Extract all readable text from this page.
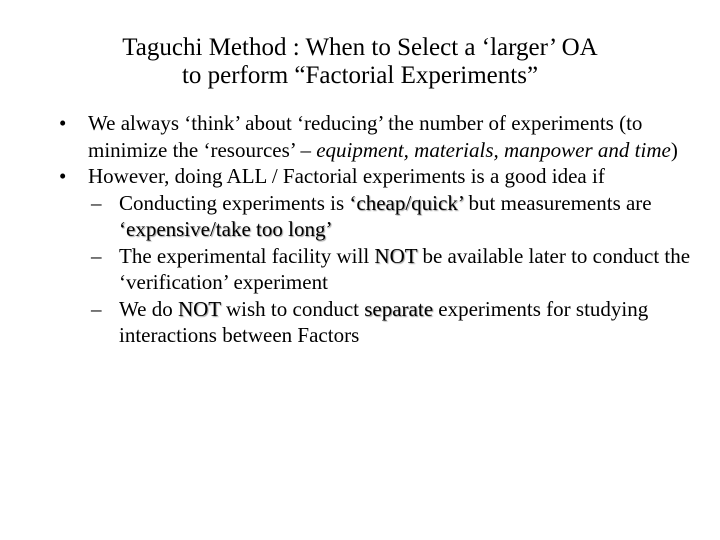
Taguchi Method : When to Select a ‘larger’ OA
to perform “Factorial Experiments”
• We always ‘think’ about ‘reducing’ the number of experiments (to minimize the ‘resources’ – equipment, materials, manpower and time)
• However, doing ALL / Factorial experiments is a good idea if
– Conducting experiments is ‘cheap/quick’ but measurements are ‘expensive/take too long’
– The experimental facility will NOT be available later to conduct the ‘verification’ experiment
– We do NOT wish to conduct separate experiments for studying interactions between Factors
